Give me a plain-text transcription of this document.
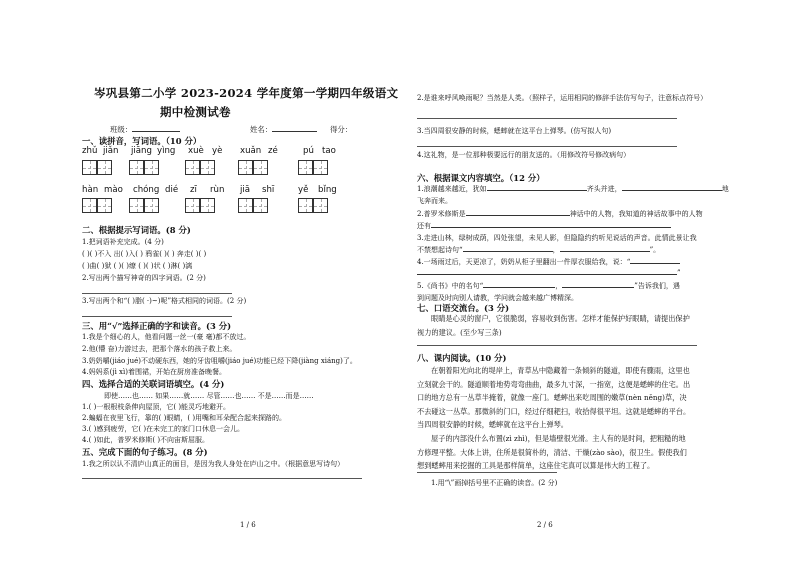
岑巩县第二小学 2023-2024 学年度第一学期四年级语文
期中检测试卷
班级：	姓名：	得分：
一、读拼音，写词语。（10 分）
zhǔ jiǎn jiāng yìng xuè yè xuǎn zé	pú tao
hàn mào chóng dié zī rùn jiā shī	yě bǐng
二、根据提示写词语。(8 分)
1.把词语补充完成。(4 分)
( )( )不入 出( )入( ) 鸦雀( )( ) 奔走( )( )
( )曲( )狱 ( )( )缭 ( )( )状 ( )淋( )漓
2.写出两个描写神奇的四字词语。(2 分)
3.写出两个和“( )脂( ·)~)呢”格式相同的词语。(2 分)
三、用“√”选择正确的字和读音。(3 分)
1.我是个细心的人，他看问题一丝一(豪 毫)都不放过。
2.他(懵 奋)力游过去，把那个落水的孩子救上来。
3.奶奶嚼(jiáo jué)不动硬东西，她的牙齿咀嚼(jiáo jué)功能已经下降(jiàng xiáng)了。
4.妈妈系(jì xì)着围裙，开始在厨房准备晚餐。
四、选择合适的关联词语填空。(4 分)
即使……也…… 如果……就…… 尽管……也…… 不是……而是……
1.( )一根根枝条伸向屋顶，它( )能灵巧地避开。
2.蝙蝠在夜里飞行，靠的( )眼睛，( )用嘴和耳朵配合起来探路的。
3.( )感到疲劳，它( )在未完工的家门口休息一会儿。
4.( )如此，普罗米修斯( )不向宙斯屈服。
五、完成下面的句子练习。(8 分)
1.我之所以认不清庐山真正的面目，是因为我人身处在庐山之中。（根据意思写诗句）
1 / 6
2.是谁来呼风唤雨呢？当然是人类。（照样子，运用相同的修辞手法仿写句子，注意标点符号）
3.当四周很安静的时候，蟋蟀就在这平台上弹琴。(仿写拟人句)
4.这礼物，是一位那种极要远行的朋友送的。（用修改符号修改病句）
六、根据课文内容填空。（12 分）
1.浪潮越来越近，犹如	齐头并进，	地
飞奔而来。
2.普罗米修斯是	神话中的人物，我知道的神话故事中的人物
还有
3.走进山林，绿树成荫，四处张望，未见人影，但隐隐约约听见说话的声音。此情此景让我
不禁想起诗句“	，	”。
4.一场雨过后，天更凉了，奶奶从柜子里翻出一件厚衣服给我，说：“
”
5.《尚书》中的名句“	，	”告诉我们，遇
到问题及时向别人请教，学问就会越来越广博精深。
七、口语交流台。(3 分)
眼睛是心灵的窗户，它很脆弱，容易收到伤害。怎样才能保护好眼睛，请提出保护视力的建议。(至少写三条)
八、课内阅读。(10 分)
在朝着阳光向北的堤岸上，青草丛中隐藏着一条倾斜的隧道，即使有骤雨，这里也立刻就会干的。隧道顺着地势弯弯曲曲，最多九寸深，一指宽，这便是蟋蟀的住宅。出口的地方总有一丛草半掩着，就像一座门。蟋蟀出来吃周围的嫩草(nèn něng)草，决不去碰这一丛草。那微斜的门口，经过仔细耙扫，收拾得很平坦。这就是蟋蟀的平台。当四周很安静的时候，蟋蟀就在这平台上弹琴。
屋子的内部没什么布置(zì zhì)，但是墙壁很光滑。主人有的是时间，把粗糙的地方修理平整。大体上讲，住所是很简朴的，清洁、干燥(zào sào)，很卫生。假使我们想到蟋蟀用来挖掘的工具是那样简单，这座住宅真可以算是伟大的工程了。
1.用“\”画掉括号里不正确的读音。(2 分)
2 / 6
